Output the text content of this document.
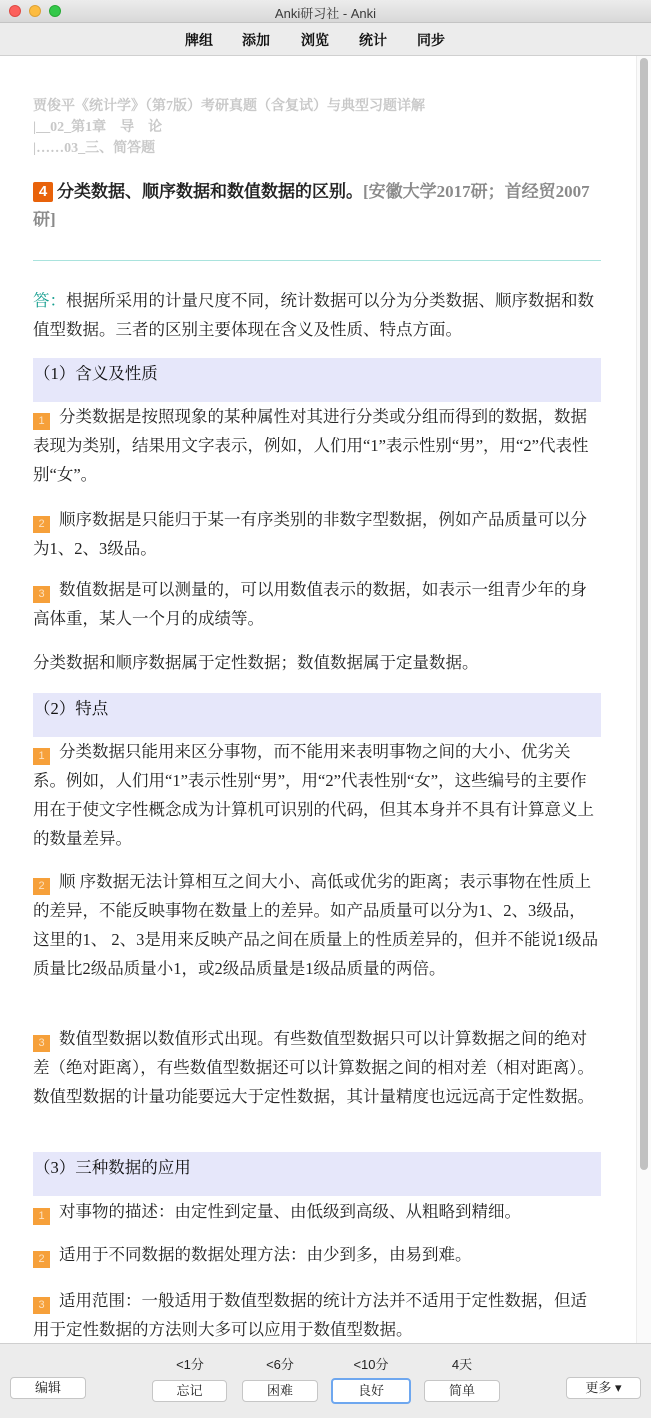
Anki研习社 - Anki
牌组 添加 浏览 统计 同步
贾俊平《统计学》（第7版）考研真题（含复试）与典型习题详解
|__02_第1章　导　论
|……03_三、简答题
4 分类数据、顺序数据和数值数据的区别。[安徽大学2017研；首经贸2007研]
答：根据所采用的计量尺度不同，统计数据可以分为分类数据、顺序数据和数值型数据。三者的区别主要体现在含义及性质、特点方面。
（1）含义及性质
1 分类数据是按照现象的某种属性对其进行分类或分组而得到的数据，数据表现为类别，结果用文字表示，例如，人们用“1”表示性别“男”，用“2”代表性别“女”。
2 顺序数据是只能归于某一有序类别的非数字型数据，例如产品质量可以分为1、2、3级品。
3 数值数据是可以测量的，可以用数值表示的数据，如表示一组青少年的身高体重，某人一个月的成绩等。
分类数据和顺序数据属于定性数据；数值数据属于定量数据。
（2）特点
1 分类数据只能用来区分事物，而不能用来表明事物之间的大小、优劣关系。例如，人们用“1”表示性别“男”，用“2”代表性别“女”，这些编号的主要作用在于使文字性概念成为计算机可识别的代码，但其本身并不具有计算意义上的数量差异。
2 顺 序数据无法计算相互之间大小、高低或优劣的距离；表示事物在性质上的差异，不能反映事物在数量上的差异。如产品质量可以分为1、2、3级品，这里的1、 2、3是用来反映产品之间在质量上的性质差异的，但并不能说1级品质量比2级品质量小1，或2级品质量是1级品质量的两倍。
3 数值型数据以数值形式出现。有些数值型数据只可以计算数据之间的绝对差（绝对距离），有些数值型数据还可以计算数据之间的相对差（相对距离）。数值型数据的计量功能要远大于定性数据，其计量精度也远远高于定性数据。
（3）三种数据的应用
1 对事物的描述：由定性到定量、由低级到高级、从粗略到精细。
2 适用于不同数据的数据处理方法：由少到多，由易到难。
3 适用范围：一般适用于数值型数据的统计方法并不适用于定性数据，但适用于定性数据的方法则大多可以应用于数值型数据。
编辑
<1分	<6分	<10分	4天
忘记	困难	良好	简单	更多 ▾
